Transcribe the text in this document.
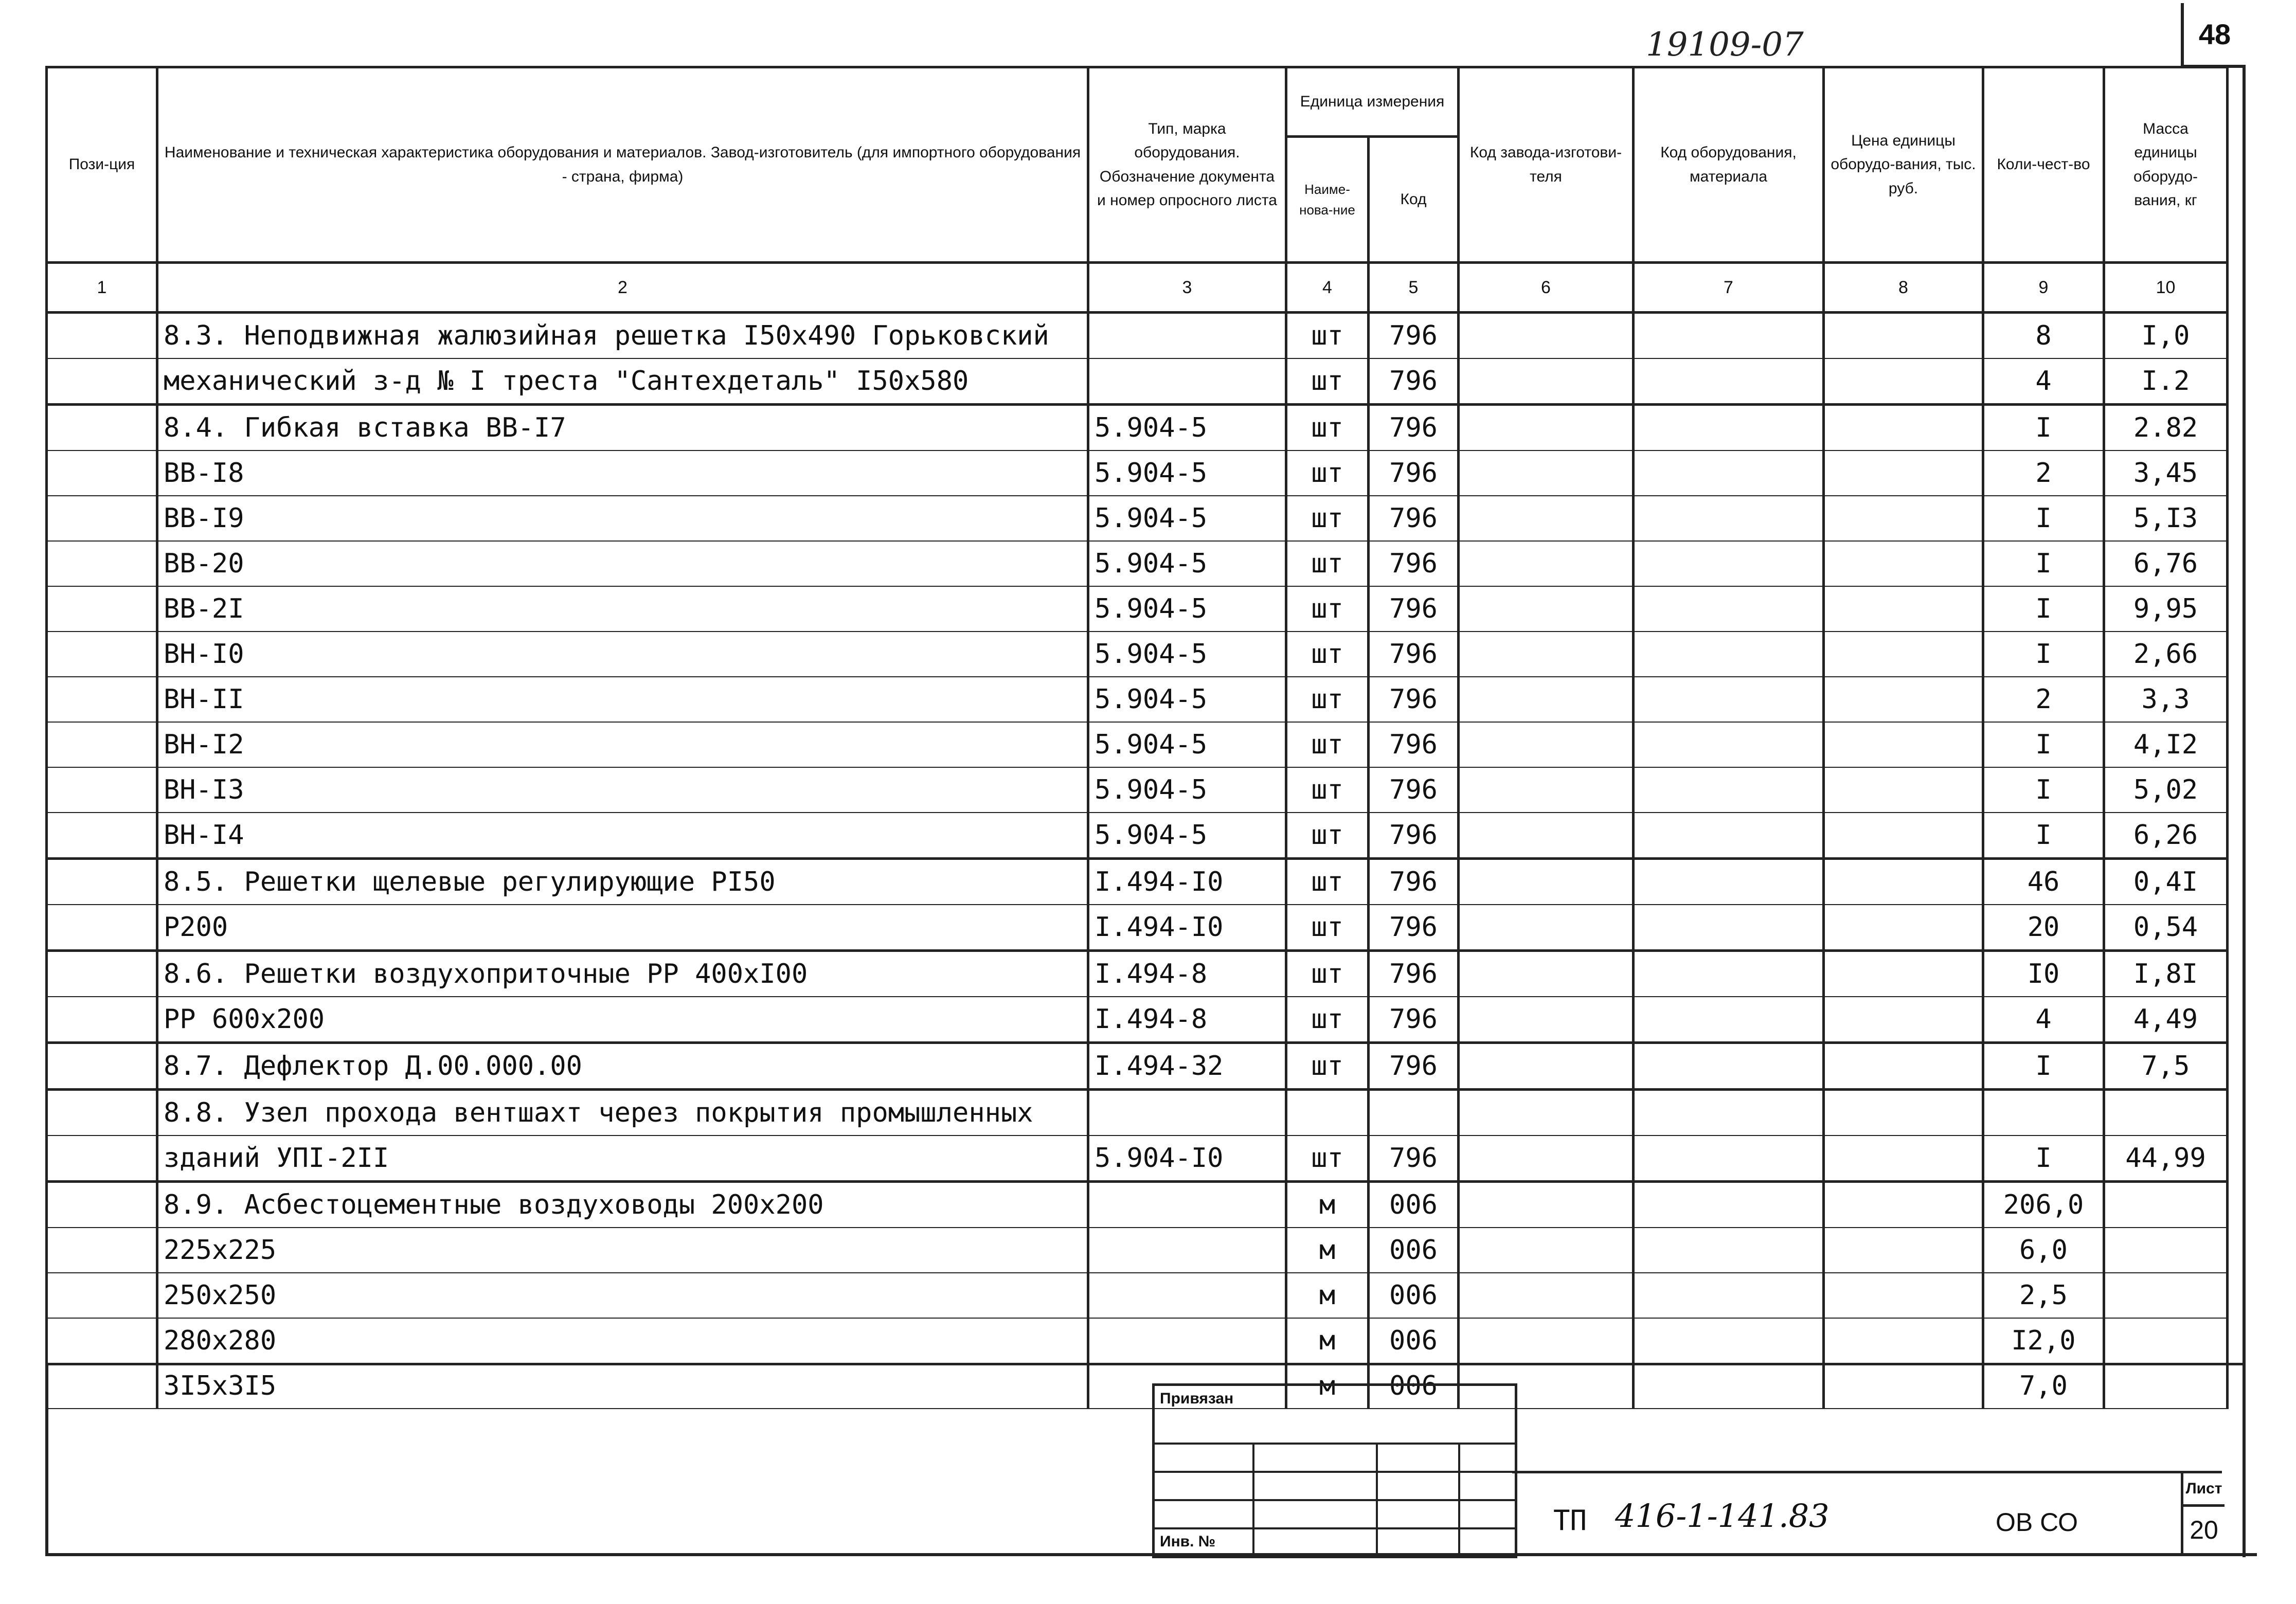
19109-07	48
Пози-ция	Наименование и техническая характеристика оборудования и материалов. Завод-изготовитель (для импортного оборудования - страна, фирма)	Тип, марка оборудования. Обозначение документа и номер опросного листа	Единица измерения		Код завода-изготови-теля	Код оборудования, материала	Цена единицы оборудо-вания, тыс. руб.	Коли-чест-во	Масса единицы оборудо-вания, кг
			Наиме-нова-ние	Код					
1	2	3	4	5	6	7	8	9	10
	8.3. Неподвижная жалюзийная решетка I50х490 Горьковский		шт	796				8	I,0
	механический з-д № I треста "Сантехдеталь" I50х580		шт	796				4	I.2
	8.4. Гибкая вставка ВВ-I7	5.904-5	шт	796				I	2.82
	ВВ-I8	5.904-5	шт	796				2	3,45
	ВВ-I9	5.904-5	шт	796				I	5,I3
	ВВ-20	5.904-5	шт	796				I	6,76
	ВВ-2I	5.904-5	шт	796				I	9,95
	ВН-I0	5.904-5	шт	796				I	2,66
	ВН-II	5.904-5	шт	796				2	3,3
	ВН-I2	5.904-5	шт	796				I	4,I2
	ВН-I3	5.904-5	шт	796				I	5,02
	ВН-I4	5.904-5	шт	796				I	6,26
	8.5. Решетки щелевые регулирующие РI50	I.494-I0	шт	796				46	0,4I
	Р200	I.494-I0	шт	796				20	0,54
	8.6. Решетки воздухоприточные РР 400хI00	I.494-8	шт	796				I0	I,8I
	РР 600х200	I.494-8	шт	796				4	4,49
	8.7. Дефлектор Д.00.000.00	I.494-32	шт	796				I	7,5
	8.8. Узел прохода вентшахт через покрытия промышленных								
	зданий УПI-2II	5.904-I0	шт	796				I	44,99
	8.9. Асбестоцементные воздуховоды 200х200		м	006				206,0	
	225х225		м	006				6,0	
	250х250		м	006				2,5	
	280х280		м	006				I2,0	
	3I5х3I5		м	006				7,0	
Привязан
Инв. №
ТП 416-1-141.83	ОВ СО
Лист
20
